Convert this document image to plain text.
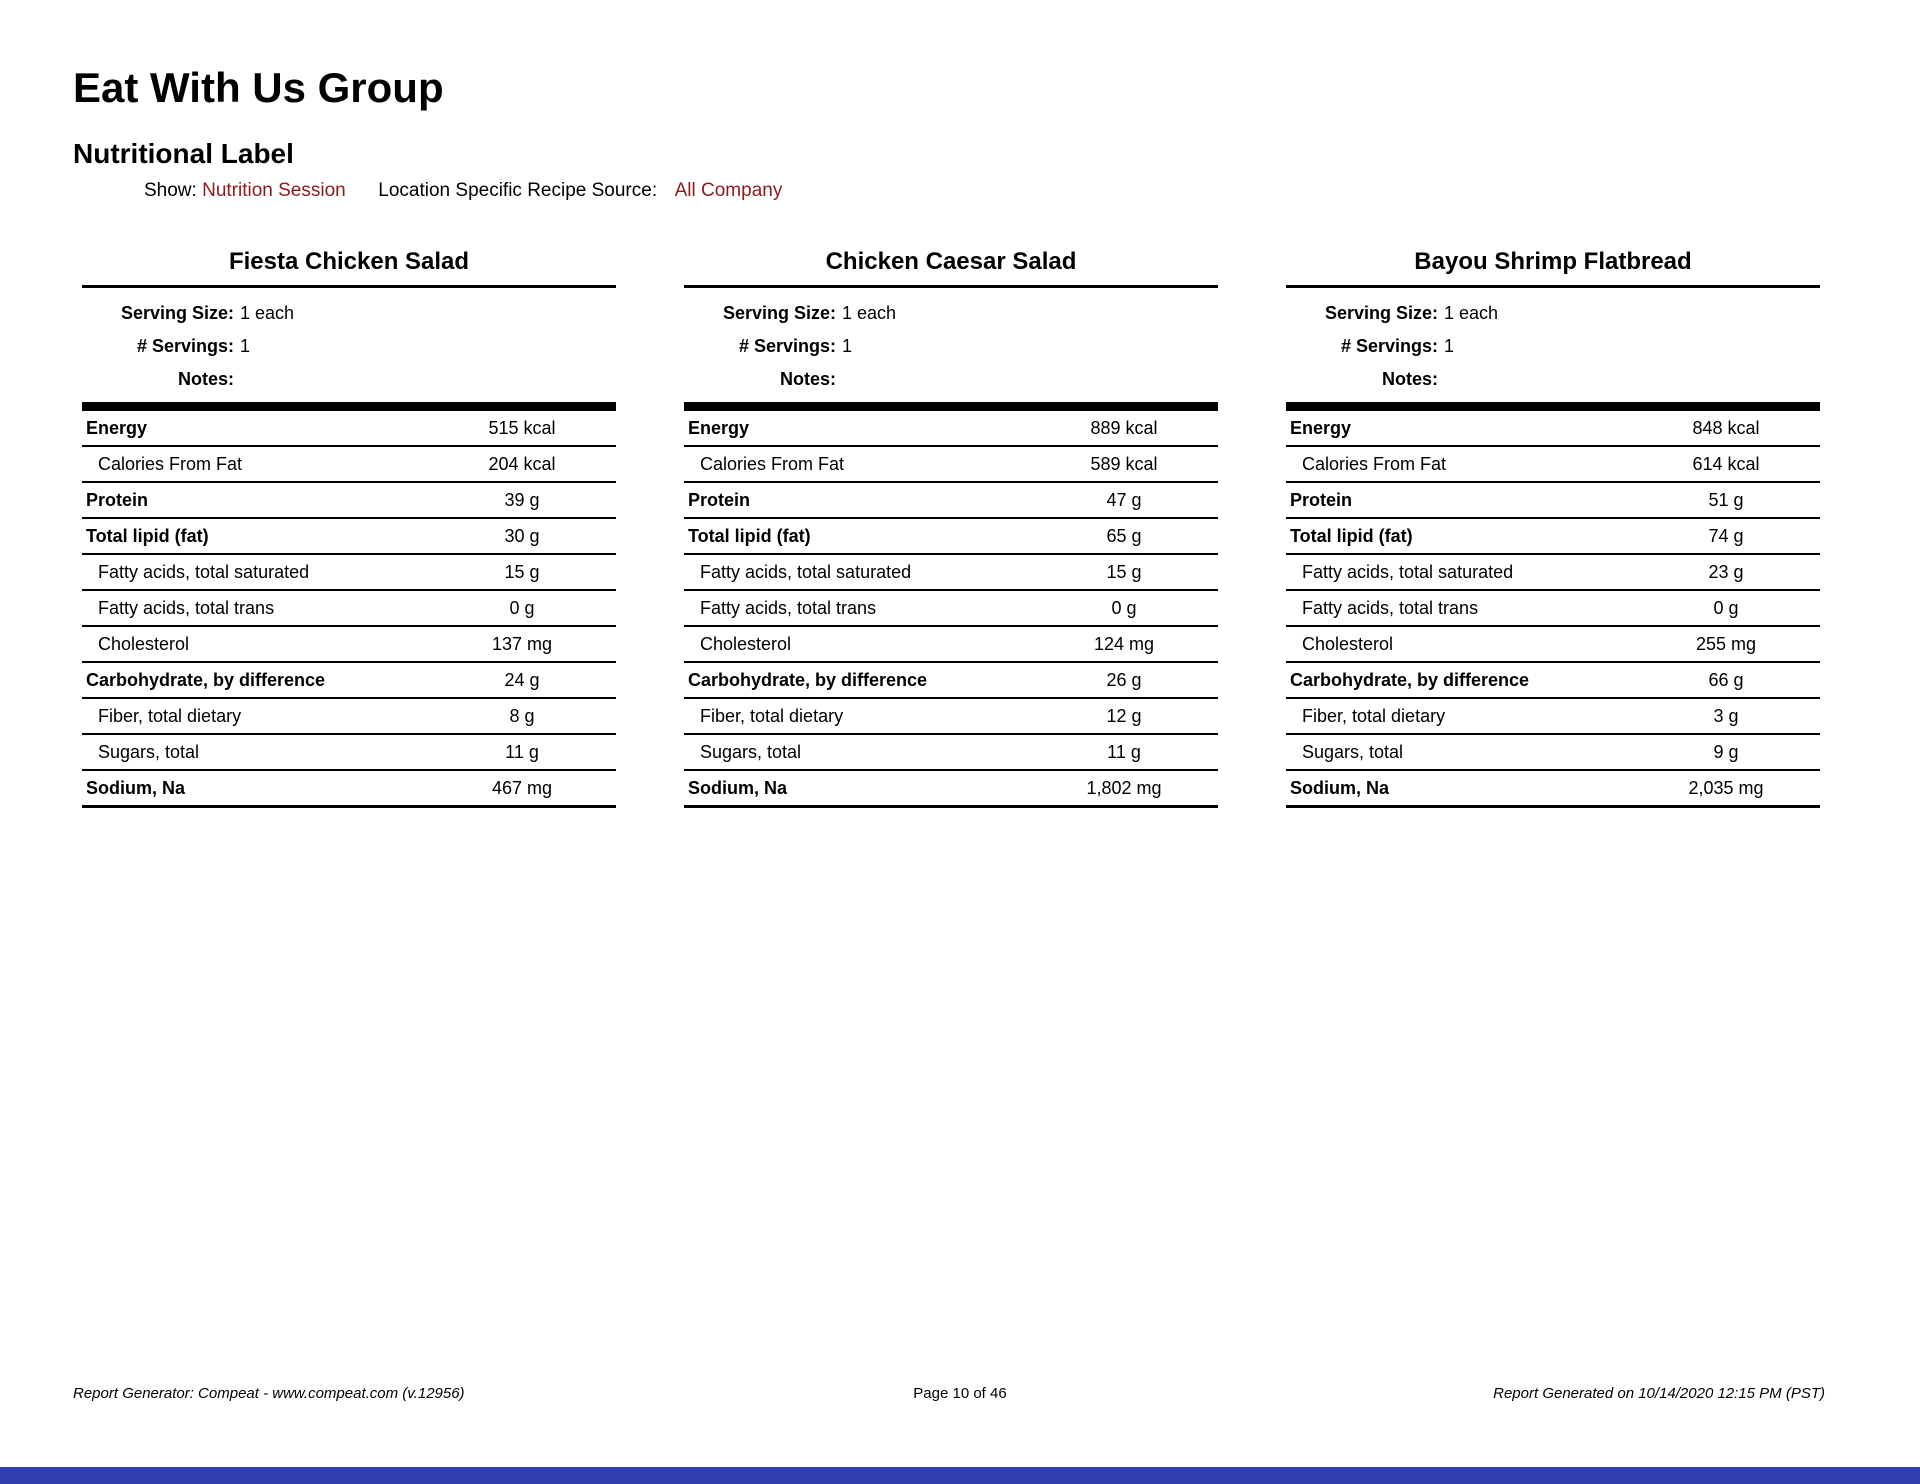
Eat With Us Group
Nutritional Label
Show: Nutrition Session Location Specific Recipe Source: All Company
Fiesta Chicken Salad
Serving Size: 1 each
# Servings: 1
Notes:
Energy	515 kcal
Calories From Fat	204 kcal
Protein	39 g
Total lipid (fat)	30 g
Fatty acids, total saturated	15 g
Fatty acids, total trans	0 g
Cholesterol	137 mg
Carbohydrate, by difference	24 g
Fiber, total dietary	8 g
Sugars, total	11 g
Sodium, Na	467 mg
Chicken Caesar Salad
Serving Size: 1 each
# Servings: 1
Notes:
Energy	889 kcal
Calories From Fat	589 kcal
Protein	47 g
Total lipid (fat)	65 g
Fatty acids, total saturated	15 g
Fatty acids, total trans	0 g
Cholesterol	124 mg
Carbohydrate, by difference	26 g
Fiber, total dietary	12 g
Sugars, total	11 g
Sodium, Na	1,802 mg
Bayou Shrimp Flatbread
Serving Size: 1 each
# Servings: 1
Notes:
Energy	848 kcal
Calories From Fat	614 kcal
Protein	51 g
Total lipid (fat)	74 g
Fatty acids, total saturated	23 g
Fatty acids, total trans	0 g
Cholesterol	255 mg
Carbohydrate, by difference	66 g
Fiber, total dietary	3 g
Sugars, total	9 g
Sodium, Na	2,035 mg
Report Generator: Compeat - www.compeat.com (v.12956)	Page 10 of 46	Report Generated on 10/14/2020 12:15 PM (PST)
